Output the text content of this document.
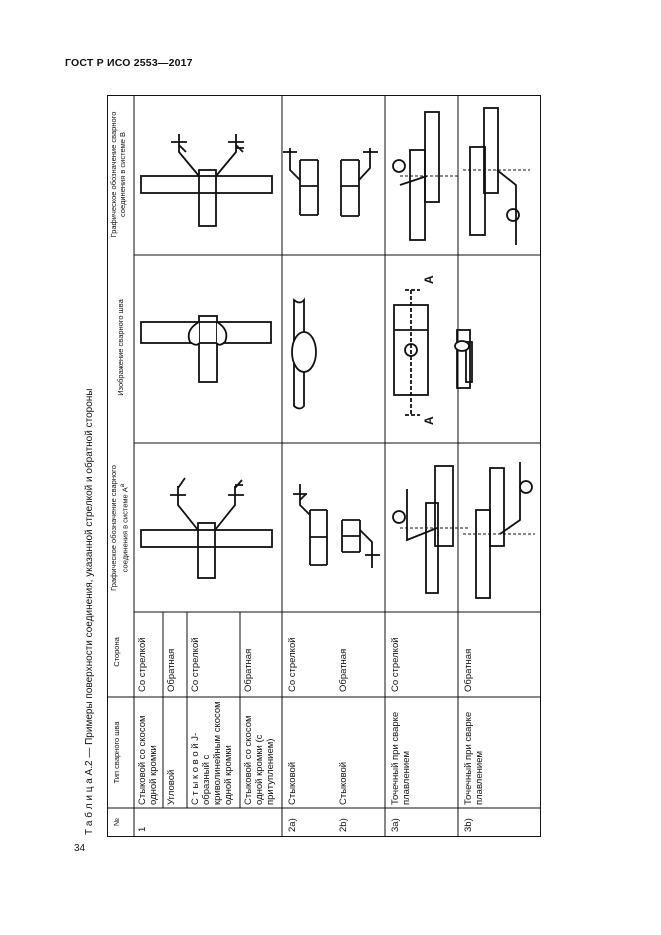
ГОСТ Р ИСО 2553—2017
34
№
Тип сварного шва
Сторона
Графическое обозначение сварного соединения в системе $А^a$
Изображение сварного шва
Графическое обозначение сварного соединения в системе В
1
Стыковой со скосом одной кромки
Со стрелкой
Угловой
Обратная
С т ы к о в о й J-образный с криволинейным скосом одной кромки
Со стрелкой
Стыковой со скосом одной кромки (с притуплением)
Обратная
2a)
Стыковой
Со стрелкой
2b)
Стыковой
Обратная
3a)
Точечный при сварке плавлением
Со стрелкой
3b)
Точечный при сварке плавлением
Обратная
Т а б л и ц а А.2 — Примеры поверхности соединения, указанной стрелкой и обратной стороны
A
A
